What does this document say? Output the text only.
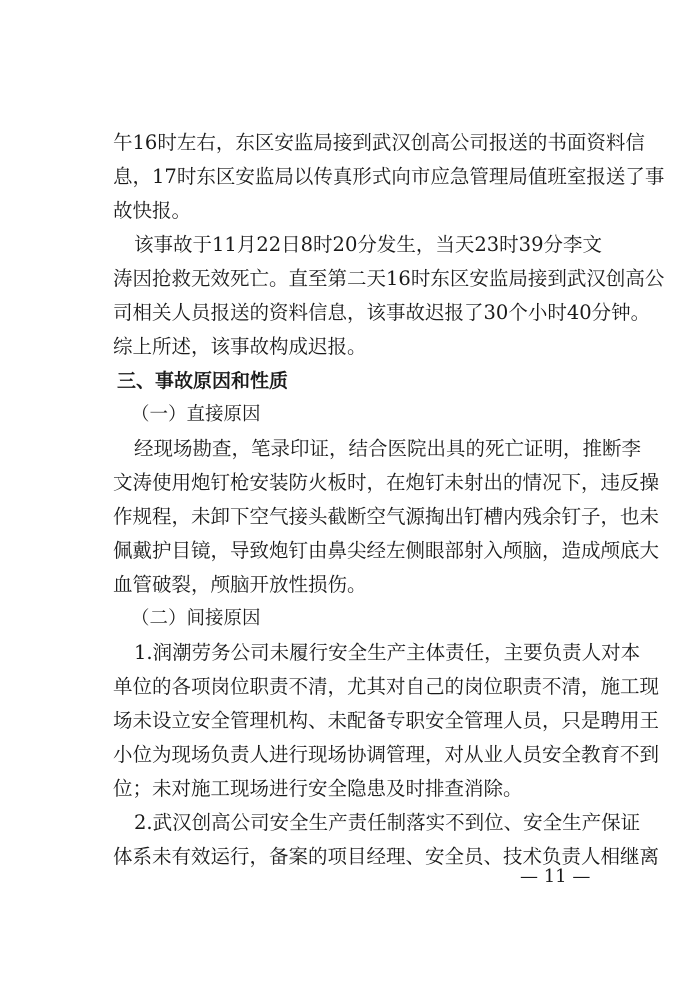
午16时左右，东区安监局接到武汉创高公司报送的书面资料信
息，17时东区安监局以传真形式向市应急管理局值班室报送了事
故快报。
该事故于11月22日8时20分发生，当天23时39分李文
涛因抢救无效死亡。直至第二天16时东区安监局接到武汉创高公
司相关人员报送的资料信息，该事故迟报了30个小时40分钟。
综上所述，该事故构成迟报。
三、事故原因和性质
（一）直接原因
经现场勘查，笔录印证，结合医院出具的死亡证明，推断李
文涛使用炮钉枪安装防火板时，在炮钉未射出的情况下，违反操
作规程，未卸下空气接头截断空气源掏出钉槽内残余钉子，也未
佩戴护目镜，导致炮钉由鼻尖经左侧眼部射入颅脑，造成颅底大
血管破裂，颅脑开放性损伤。
（二）间接原因
1.润潮劳务公司未履行安全生产主体责任，主要负责人对本
单位的各项岗位职责不清，尤其对自己的岗位职责不清，施工现
场未设立安全管理机构、未配备专职安全管理人员，只是聘用王
小位为现场负责人进行现场协调管理，对从业人员安全教育不到
位；未对施工现场进行安全隐患及时排查消除。
2.武汉创高公司安全生产责任制落实不到位、安全生产保证
体系未有效运行，备案的项目经理、安全员、技术负责人相继离
— 11 —
